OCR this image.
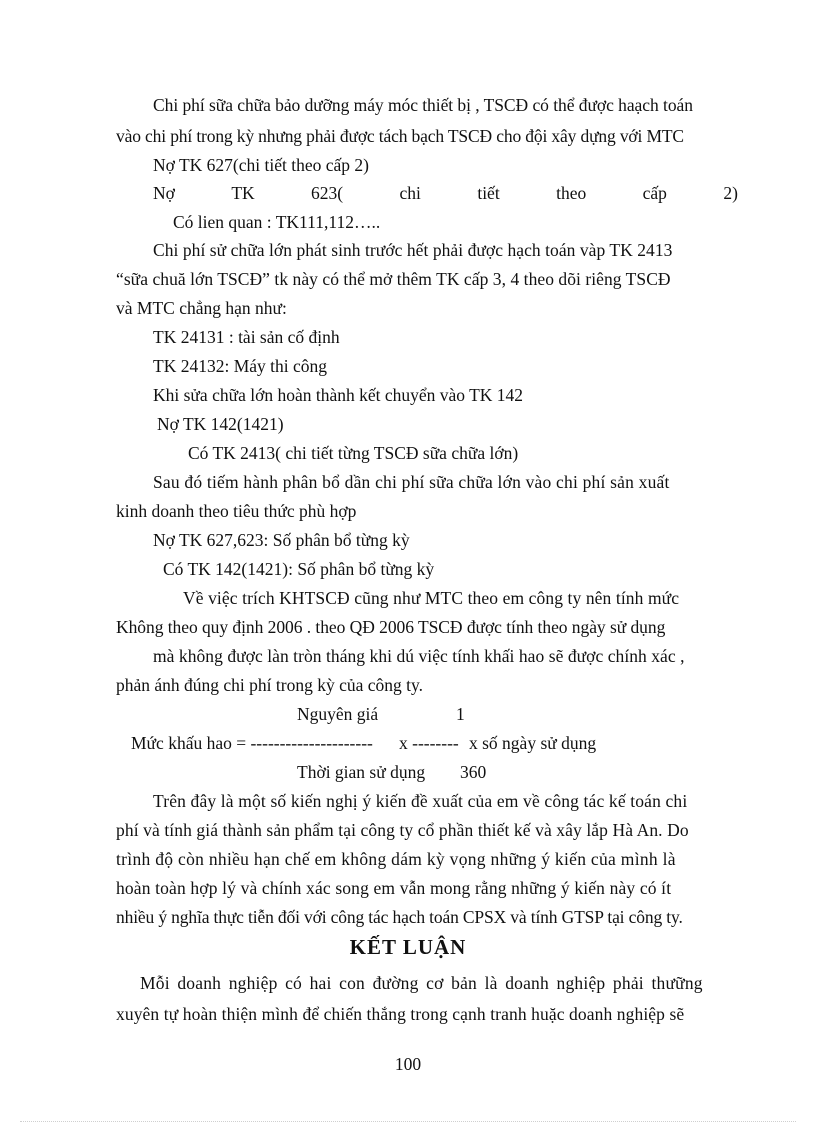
Chi phí sữa chữa bảo dưỡng máy móc thiết bị , TSCĐ có thể được haạch toán
vào chi phí trong kỳ nhưng phải được tách bạch TSCĐ cho đội xây dựng với MTC
Nợ TK 627(chi tiết theo cấp 2)
Nợ	TK	623(	chi	tiết	theo	cấp	2)
Có lien quan : TK111,112…..
Chi phí sử chữa lớn phát sinh trước hết phải được hạch toán vàp TK 2413
“sữa chuă lớn TSCĐ” tk này có thể mở thêm TK cấp 3, 4 theo dõi riêng TSCĐ
và MTC chẳng hạn như:
TK 24131 : tài sản cố định
TK 24132: Máy thi công
Khi sửa chữa lớn hoàn thành kết chuyển vào TK 142
Nợ TK 142(1421)
Có TK 2413( chi tiết từng TSCĐ sữa chữa lớn)
Sau đó tiếm hành phân bổ dần chi phí sữa chữa lớn vào chi phí sản xuất
kinh doanh theo tiêu thức phù hợp
Nợ TK 627,623: Số phân bổ từng kỳ
Có TK 142(1421): Số phân bổ từng kỳ
Về việc trích KHTSCĐ cũng như MTC theo em công ty nên tính mức
Không theo quy định 2006 . theo QĐ 2006 TSCĐ được tính theo ngày sử dụng
mà không được làn tròn tháng khi dú việc tính khấi hao sẽ được chính xác ,
phản ánh đúng chi phí trong kỳ của công ty.
Nguyên giá	1
Mức khấu hao = --------------------- x -------- x số ngày sử dụng
Thời gian sử dụng 360
Trên đây là một số kiến nghị ý kiến đề xuất của em về công tác kế toán chi
phí và tính giá thành sản phẩm tại công ty cổ phần thiết kế và xây lắp Hà An. Do
trình độ còn nhiều hạn chế em không dám kỳ vọng những ý kiến của mình là
hoàn toàn hợp lý và chính xác song em vẫn mong rằng những ý kiến này có ít
nhiều ý nghĩa thực tiễn đối với công tác hạch toán CPSX và tính GTSP tại công ty.
KẾT LUẬN
Mỗi doanh nghiệp có hai con đường cơ bản là doanh nghiệp phải thưững
xuyên tự hoàn thiện mình để chiến thắng trong cạnh tranh huặc doanh nghiệp sẽ
100
